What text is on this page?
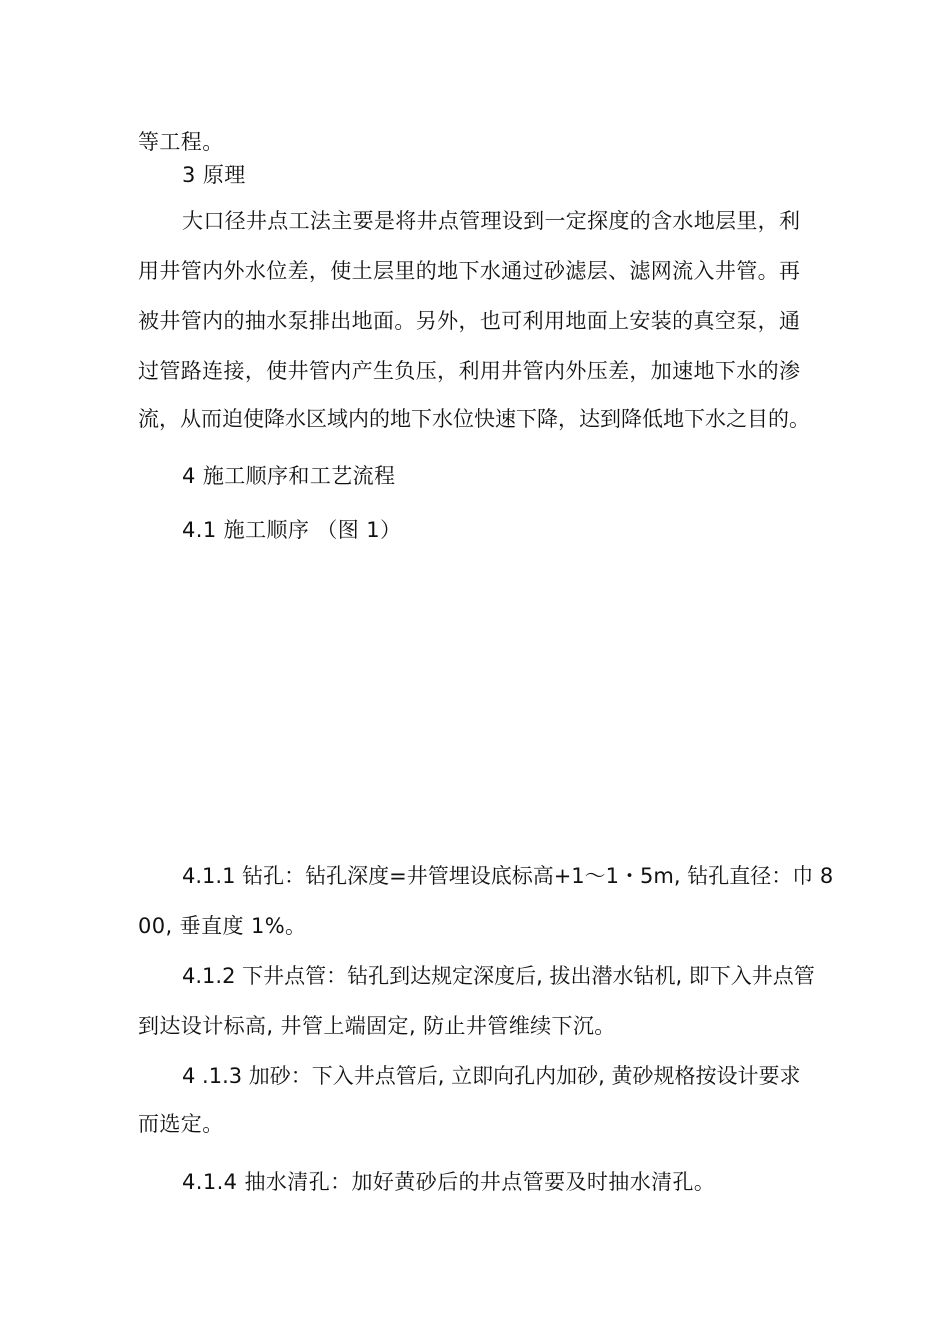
等工程。
3 原理
大口径井点工法主要是将井点管理设到一定探度的含水地层里，利
用井管内外水位差，使土层里的地下水通过砂滤层、滤网流入井管。再
被井管内的抽水泵排出地面。另外，也可利用地面上安装的真空泵，通
过管路连接，使井管内产生负压，利用井管内外压差，加速地下水的渗
流，从而迫使降水区域内的地下水位快速下降，达到降低地下水之目的。
4 施工顺序和工艺流程
4.1 施工顺序 （图 1）
4.1.1 钻孔：钻孔深度=井管埋设底标高+1～1・5m, 钻孔直径：巾 8
00, 垂直度 1%。
4.1.2 下井点管：钻孔到达规定深度后, 拔出潜水钻机, 即下入井点管
到达设计标高, 井管上端固定, 防止井管维续下沉。
4 .1.3 加砂：下入井点管后, 立即向孔内加砂, 黄砂规格按设计要求
而选定。
4.1.4 抽水清孔：加好黄砂后的井点管要及时抽水清孔。
